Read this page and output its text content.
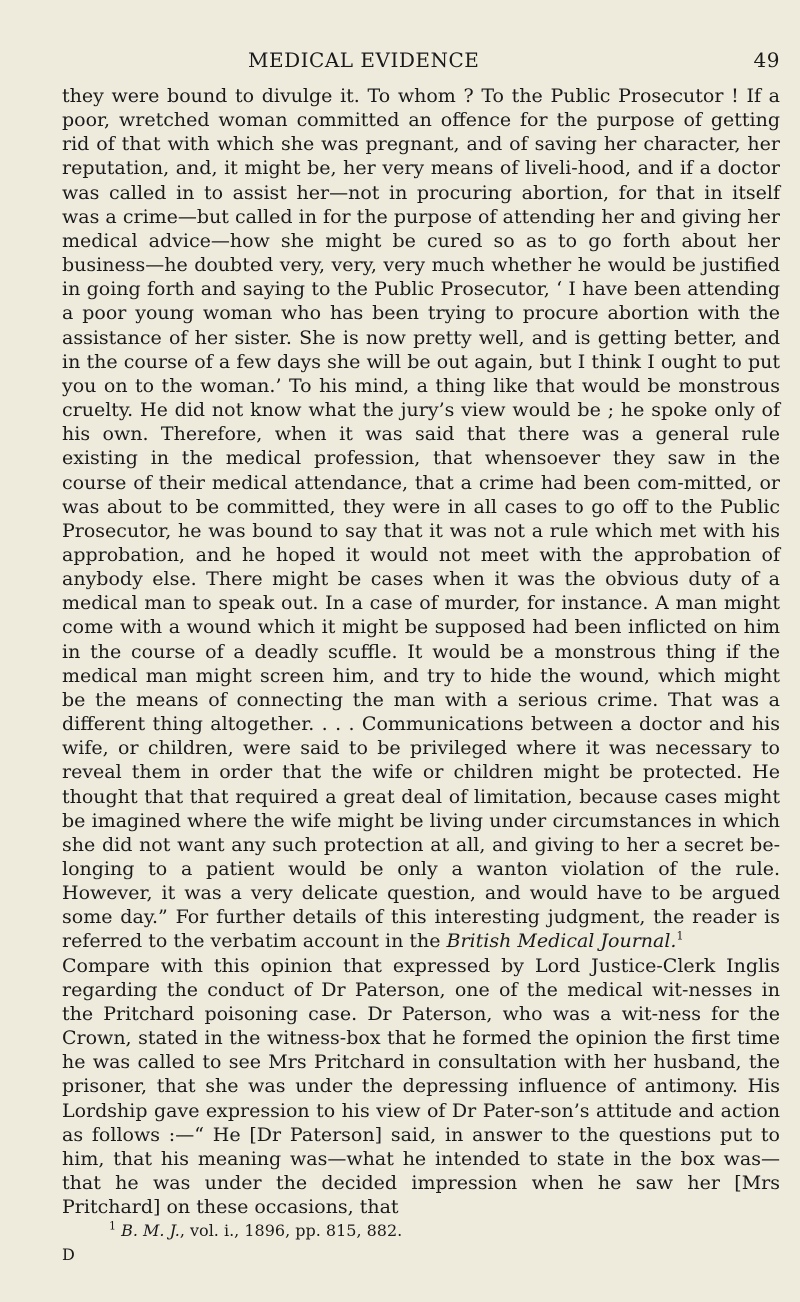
MEDICAL EVIDENCE	49

they were bound to divulge it. To whom ? To the Public Prosecutor ! If a poor, wretched woman committed an offence for the purpose of getting rid of that with which she was pregnant, and of saving her character, her reputation, and, it might be, her very means of liveli-hood, and if a doctor was called in to assist her—not in procuring abortion, for that in itself was a crime—but called in for the purpose of attending her and giving her medical advice—how she might be cured so as to go forth about her business—he doubted very, very, very much whether he would be justified in going forth and saying to the Public Prosecutor, ‘ I have been attending a poor young woman who has been trying to procure abortion with the assistance of her sister. She is now pretty well, and is getting better, and in the course of a few days she will be out again, but I think I ought to put you on to the woman.’ To his mind, a thing like that would be monstrous cruelty. He did not know what the jury’s view would be ; he spoke only of his own. Therefore, when it was said that there was a general rule existing in the medical profession, that whensoever they saw in the course of their medical attendance, that a crime had been com-mitted, or was about to be committed, they were in all cases to go off to the Public Prosecutor, he was bound to say that it was not a rule which met with his approbation, and he hoped it would not meet with the approbation of anybody else. There might be cases when it was the obvious duty of a medical man to speak out. In a case of murder, for instance. A man might come with a wound which it might be supposed had been inflicted on him in the course of a deadly scuffle. It would be a monstrous thing if the medical man might screen him, and try to hide the wound, which might be the means of connecting the man with a serious crime. That was a different thing altogether. . . . Communications between a doctor and his wife, or children, were said to be privileged where it was necessary to reveal them in order that the wife or children might be protected. He thought that that required a great deal of limitation, because cases might be imagined where the wife might be living under circumstances in which she did not want any such protection at all, and giving to her a secret be-longing to a patient would be only a wanton violation of the rule. However, it was a very delicate question, and would have to be argued some day.” For further details of this interesting judgment, the reader is referred to the verbatim account in the British Medical Journal.$^1$

Compare with this opinion that expressed by Lord Justice-Clerk Inglis regarding the conduct of Dr Paterson, one of the medical wit-nesses in the Pritchard poisoning case. Dr Paterson, who was a wit-ness for the Crown, stated in the witness-box that he formed the opinion the first time he was called to see Mrs Pritchard in consultation with her husband, the prisoner, that she was under the depressing influence of antimony. His Lordship gave expression to his view of Dr Pater-son’s attitude and action as follows :—“ He [Dr Paterson] said, in answer to the questions put to him, that his meaning was—what he intended to state in the box was—that he was under the decided impression when he saw her [Mrs Pritchard] on these occasions, that

$^1$ B. M. J., vol. i., 1896, pp. 815, 882.

D
